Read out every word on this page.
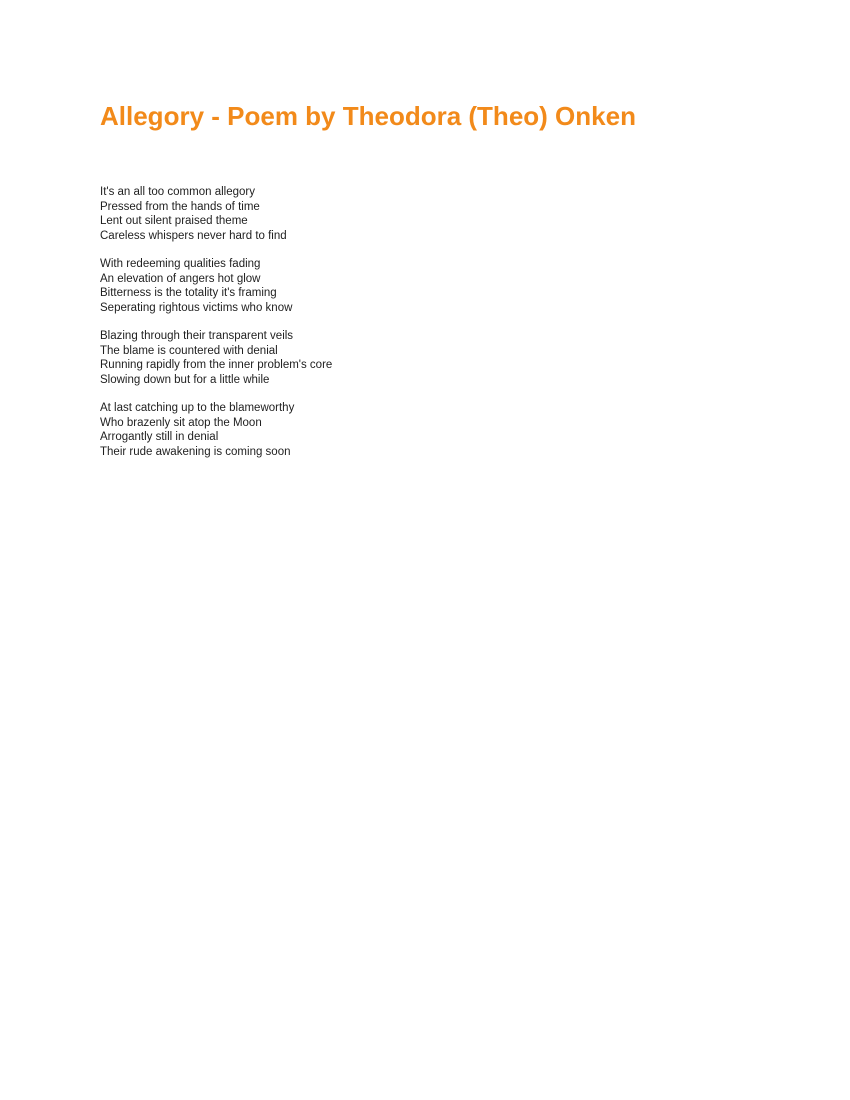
Allegory - Poem by Theodora (Theo) Onken
It's an all too common allegory
Pressed from the hands of time
Lent out silent praised theme
Careless whispers never hard to find
With redeeming qualities fading
An elevation of angers hot glow
Bitterness is the totality it's framing
Seperating rightous victims who know
Blazing through their transparent veils
The blame is countered with denial
Running rapidly from the inner problem's core
Slowing down but for a little while
At last catching up to the blameworthy
Who brazenly sit atop the Moon
Arrogantly still in denial
Their rude awakening is coming soon
